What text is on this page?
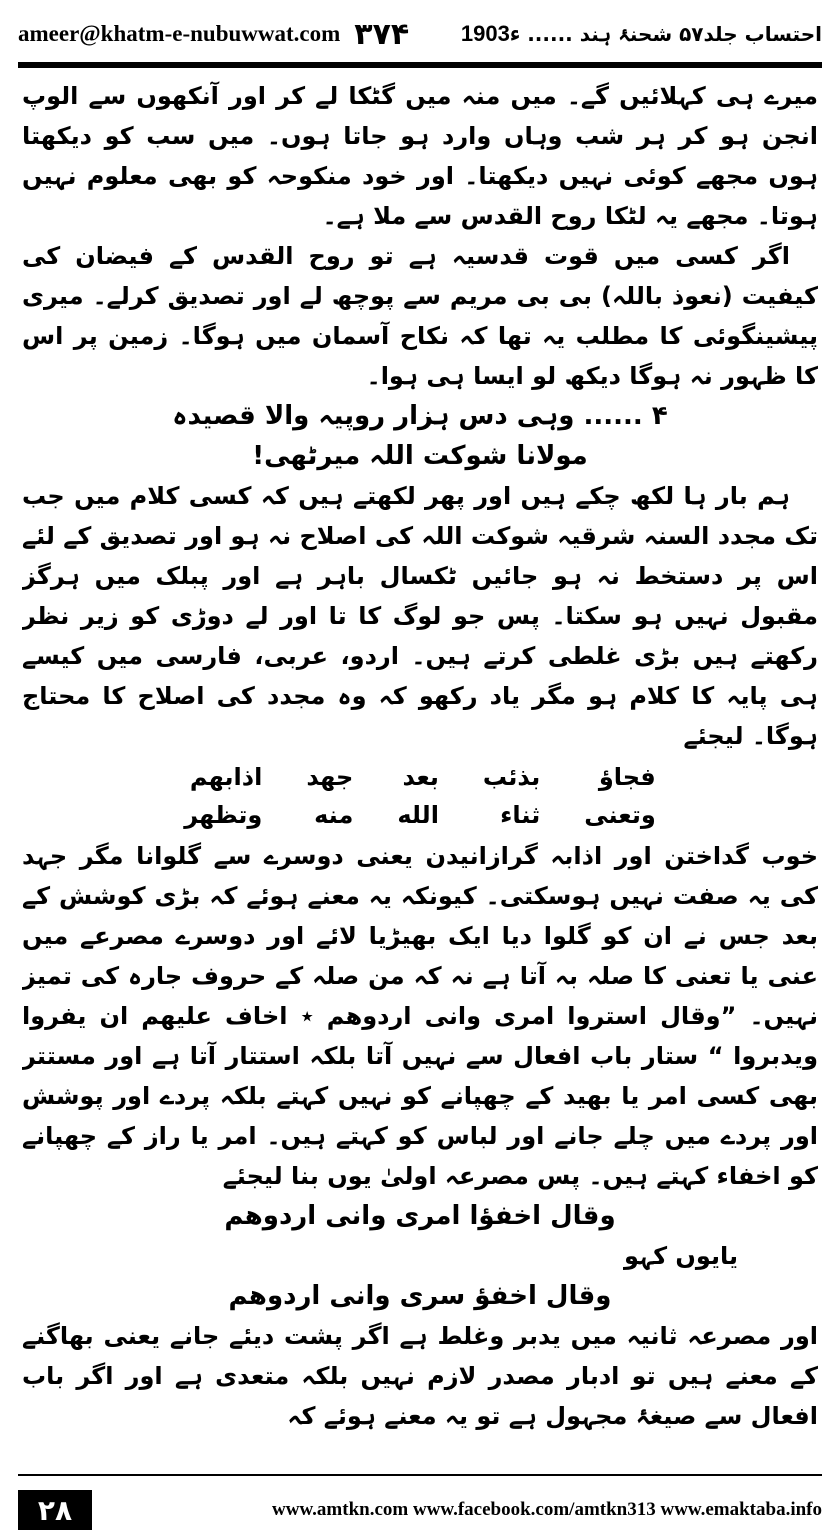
ameer@khatm-e-nubuwwat.com ۳۷۴	احتساب جلد۵۷ شحنۂ ہند ...... 1903ء

میرے ہی کہلائیں گے۔ میں منہ میں گٹکا لے کر اور آنکھوں سے الوپ انجن ہو کر ہر شب وہاں وارد ہو جاتا ہوں۔ میں سب کو دیکھتا ہوں مجھے کوئی نہیں دیکھتا۔ اور خود منکوحہ کو بھی معلوم نہیں ہوتا۔ مجھے یہ لٹکا روح القدس سے ملا ہے۔

اگر کسی میں قوت قدسیہ ہے تو روح القدس کے فیضان کی کیفیت (نعوذ باللہ) بی بی مریم سے پوچھ لے اور تصدیق کرلے۔ میری پیشینگوئی کا مطلب یہ تھا کہ نکاح آسمان میں ہوگا۔ زمین پر اس کا ظہور نہ ہوگا دیکھ لو ایسا ہی ہوا۔

۴ ...... وہی دس ہزار روپیہ والا قصیدہ

مولانا شوکت اللہ میرٹھی!

ہم بار ہا لکھ چکے ہیں اور پھر لکھتے ہیں کہ کسی کلام میں جب تک مجدد السنہ شرقیہ شوکت اللہ کی اصلاح نہ ہو اور تصدیق کے لئے اس پر دستخط نہ ہو جائیں ٹکسال باہر ہے اور پبلک میں ہرگز مقبول نہیں ہو سکتا۔ پس جو لوگ کا تا اور لے دوڑی کو زیر نظر رکھتے ہیں بڑی غلطی کرتے ہیں۔ اردو، عربی، فارسی میں کیسے ہی پایہ کا کلام ہو مگر یاد رکھو کہ وہ مجدد کی اصلاح کا محتاج ہوگا۔ لیجئے

فجاؤ
بذئب
بعد
جهد
اذابهم
وتعنی
ثناء
الله
منه
وتظهر

خوب گداختن اور اذابہ گرازانیدن یعنی دوسرے سے گلوانا مگر جہد کی یہ صفت نہیں ہوسکتی۔ کیونکہ یہ معنے ہوئے کہ بڑی کوشش کے بعد جس نے ان کو گلوا دیا ایک بھیڑیا لائے اور دوسرے مصرعے میں عنی یا تعنی کا صلہ بہ آتا ہے نہ کہ من صلہ کے حروف جارہ کی تمیز نہیں۔ ”وقال استروا امری وانی اردوهم ٭ اخاف علیهم ان یفروا ویدبروا “ ستار باب افعال سے نہیں آتا بلکہ استتار آتا ہے اور مستتر بھی کسی امر یا بھید کے چھپانے کو نہیں کہتے بلکہ پردے اور پوشش اور پردے میں چلے جانے اور لباس کو کہتے ہیں۔ امر یا راز کے چھپانے کو اخفاء کہتے ہیں۔ پس مصرعہ اولیٰ یوں بنا لیجئے

وقال اخفؤا امری وانی اردوهم

یایوں کہو

وقال اخفؤ سری وانی اردوهم

اور مصرعہ ثانیہ میں یدبر وغلط ہے اگر پشت دیئے جانے یعنی بھاگنے کے معنے ہیں تو ادبار مصدر لازم نہیں بلکہ متعدی ہے اور اگر باب افعال سے صیغۂ مجہول ہے تو یہ معنے ہوئے کہ

۲۸	www.amtkn.com www.facebook.com/amtkn313 www.emaktaba.info
